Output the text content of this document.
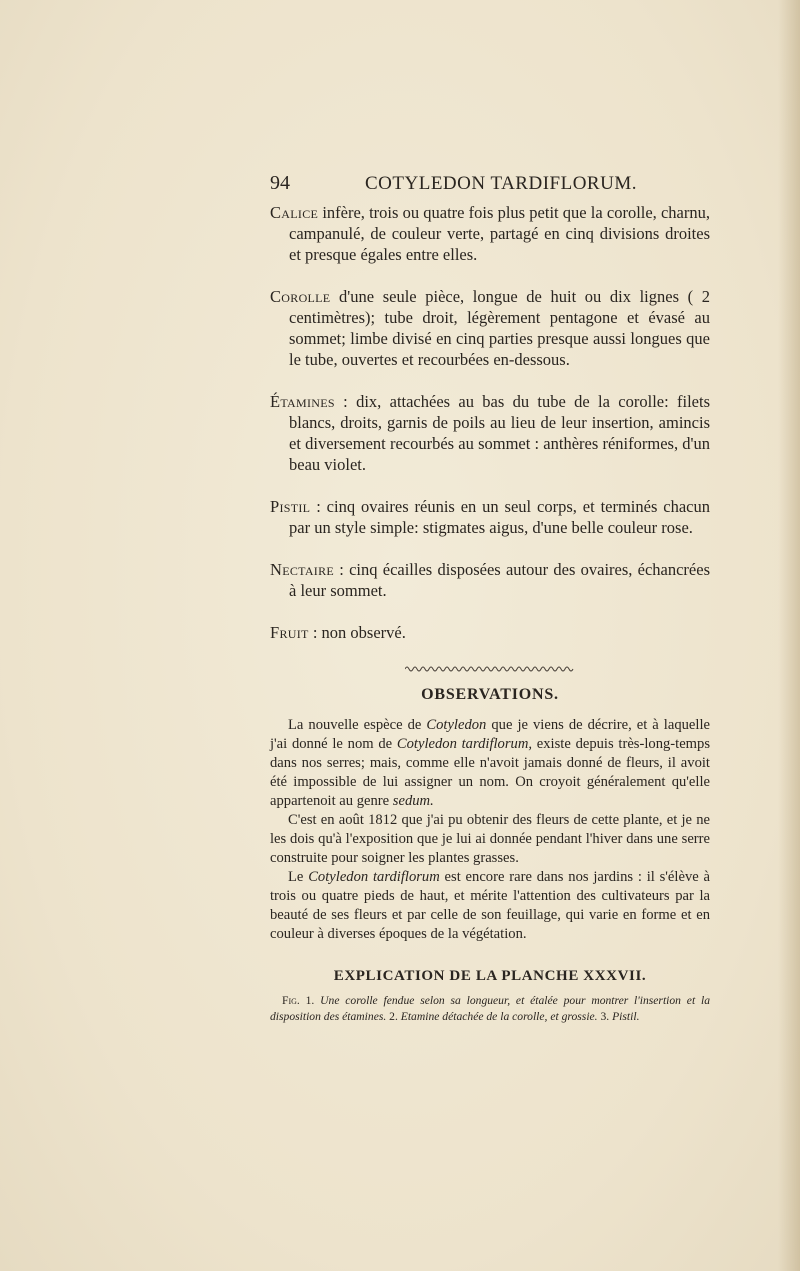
94	COTYLEDON TARDIFLORUM.

Calice infère, trois ou quatre fois plus petit que la corolle, charnu, campanulé, de couleur verte, partagé en cinq divisions droites et presque égales entre elles.

Corolle d'une seule pièce, longue de huit ou dix lignes ( 2 centimètres); tube droit, légèrement pentagone et évasé au sommet; limbe divisé en cinq parties presque aussi longues que le tube, ouvertes et recourbées en-dessous.

Étamines : dix, attachées au bas du tube de la corolle: filets blancs, droits, garnis de poils au lieu de leur insertion, amincis et diversement recourbés au sommet : anthères réniformes, d'un beau violet.

Pistil : cinq ovaires réunis en un seul corps, et terminés chacun par un style simple: stigmates aigus, d'une belle couleur rose.

Nectaire : cinq écailles disposées autour des ovaires, échancrées à leur sommet.

Fruit : non observé.

OBSERVATIONS.

La nouvelle espèce de Cotyledon que je viens de décrire, et à laquelle j'ai donné le nom de Cotyledon tardiflorum, existe depuis très-long-temps dans nos serres; mais, comme elle n'avoit jamais donné de fleurs, il avoit été impossible de lui assigner un nom. On croyoit généralement qu'elle appartenoit au genre sedum.

C'est en août 1812 que j'ai pu obtenir des fleurs de cette plante, et je ne les dois qu'à l'exposition que je lui ai donnée pendant l'hiver dans une serre construite pour soigner les plantes grasses.

Le Cotyledon tardiflorum est encore rare dans nos jardins : il s'élève à trois ou quatre pieds de haut, et mérite l'attention des cultivateurs par la beauté de ses fleurs et par celle de son feuillage, qui varie en forme et en couleur à diverses époques de la végétation.

EXPLICATION DE LA PLANCHE XXXVII.

Fig. 1. Une corolle fendue selon sa longueur, et étalée pour montrer l'insertion et la disposition des étamines. 2. Etamine détachée de la corolle, et grossie. 3. Pistil.
